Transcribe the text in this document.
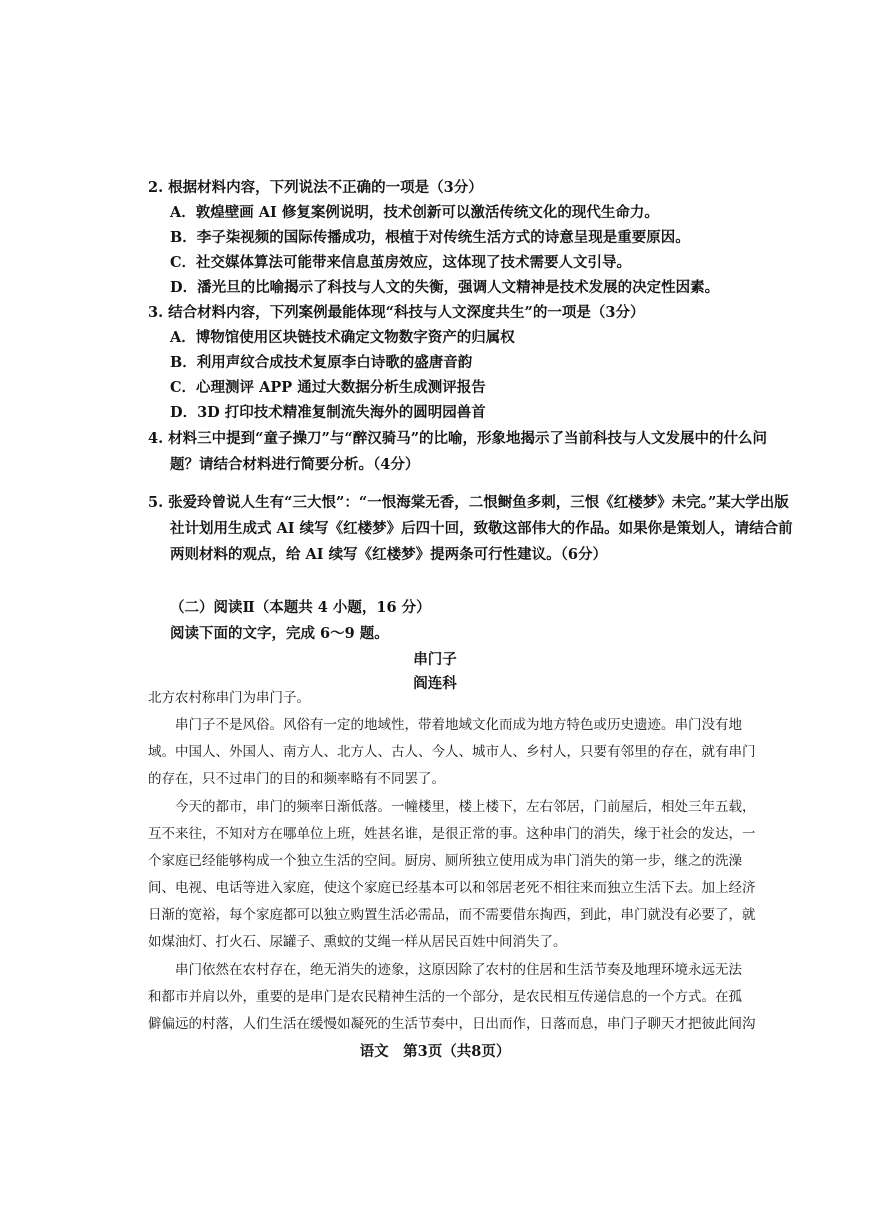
2. 根据材料内容，下列说法不正确的一项是（3分）
A．敦煌壁画 AI 修复案例说明，技术创新可以激活传统文化的现代生命力。
B．李子柒视频的国际传播成功，根植于对传统生活方式的诗意呈现是重要原因。
C．社交媒体算法可能带来信息茧房效应，这体现了技术需要人文引导。
D．潘光旦的比喻揭示了科技与人文的失衡，强调人文精神是技术发展的决定性因素。
3. 结合材料内容，下列案例最能体现“科技与人文深度共生”的一项是（3分）
A．博物馆使用区块链技术确定文物数字资产的归属权
B．利用声纹合成技术复原李白诗歌的盛唐音韵
C．心理测评 APP 通过大数据分析生成测评报告
D．3D 打印技术精准复制流失海外的圆明园兽首
4. 材料三中提到“童子操刀”与“醉汉骑马”的比喻，形象地揭示了当前科技与人文发展中的什么问
题？请结合材料进行简要分析。（4分）
5. 张爱玲曾说人生有“三大恨”：“一恨海棠无香，二恨鲥鱼多刺，三恨《红楼梦》未完。”某大学出版
社计划用生成式 AI 续写《红楼梦》后四十回，致敬这部伟大的作品。如果你是策划人，请结合前
两则材料的观点，给 AI 续写《红楼梦》提两条可行性建议。（6分）
（二）阅读Ⅱ（本题共 4 小题，16 分）
阅读下面的文字，完成 6～9 题。
串门子
阎连科
北方农村称串门为串门子。
　　串门子不是风俗。风俗有一定的地域性，带着地域文化而成为地方特色或历史遗迹。串门没有地
域。中国人、外国人、南方人、北方人、古人、今人、城市人、乡村人，只要有邻里的存在，就有串门
的存在，只不过串门的目的和频率略有不同罢了。
　　今天的都市，串门的频率日渐低落。一幢楼里，楼上楼下，左右邻居，门前屋后，相处三年五载，
互不来往，不知对方在哪单位上班，姓甚名谁，是很正常的事。这种串门的消失，缘于社会的发达，一
个家庭已经能够构成一个独立生活的空间。厨房、厕所独立使用成为串门消失的第一步，继之的洗澡
间、电视、电话等进入家庭，使这个家庭已经基本可以和邻居老死不相往来而独立生活下去。加上经济
日渐的宽裕，每个家庭都可以独立购置生活必需品，而不需要借东掏西，到此，串门就没有必要了，就
如煤油灯、打火石、尿罐子、熏蚊的艾绳一样从居民百姓中间消失了。
　　串门依然在农村存在，绝无消失的迹象，这原因除了农村的住居和生活节奏及地理环境永远无法
和都市并肩以外，重要的是串门是农民精神生活的一个部分，是农民相互传递信息的一个方式。在孤
僻偏远的村落，人们生活在缓慢如凝死的生活节奏中，日出而作，日落而息，串门子聊天才把彼此间沟
语文　第3页（共8页）
